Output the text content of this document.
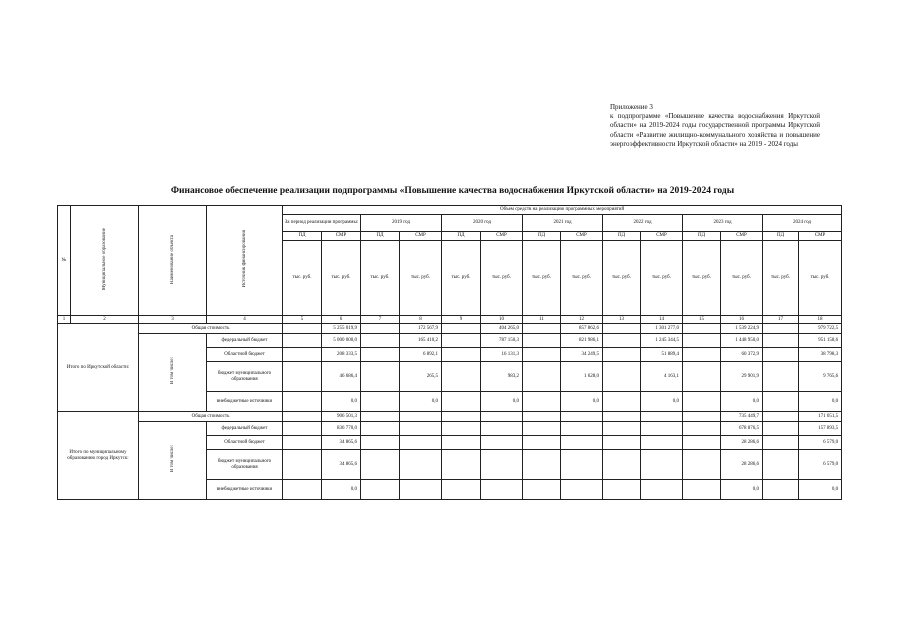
Приложение 3
к подпрограмме «Повышение качества водоснабжения Иркутской области» на 2019-2024 годы государственной программы Иркутской области «Развитие жилищно-коммунального хозяйства и повышение энергоэффективности Иркутской области» на 2019 - 2024 годы
Финансовое обеспечение реализации подпрограммы «Повышение качества водоснабжения Иркутской области» на 2019-2024 годы
№	Муниципальное образование	Наименование объекта	Источник финансирования	Объем средств на реализацию программных мероприятий													
				За период реализации программы:		2019 год		2020 год		2021 год		2022 год		2023 год		2024 год	
				ПД	СМР	ПД	СМР	ПД	СМР	ПД	СМР	ПД	СМР	ПД	СМР	ПД	СМР
				тыс. руб.	тыс. руб.	тыс. руб.	тыс. руб.	тыс. руб.	тыс. руб.	тыс. руб.	тыс. руб.	тыс. руб.	тыс. руб.	тыс. руб.	тыс. руб.	тыс. руб.	тыс. руб.
1	2	3	4	5	6	7	8	9	10	11	12	13	14	15	16	17	18
Итого по Иркутской области:		Общая стоимость			5 255 019,9		172 567,9		404 265,0		857 862,6		1 301 277,0		1 539 224,9		979 722,5
		В том числе:	федеральный бюджет		5 000 000,0		165 410,2		787 150,3		821 986,1		1 245 344,5		1 448 950,0		951 158,6
			Областной бюджет		208 333,5		6 892,1		16 131,3		34 249,5		51 889,4		60 372,9		38 798,3
			бюджет муниципального образования		46 686,4		265,5		983,2		1 628,0		4 163,1		29 901,9		9 765,6
			внебюджетные источники		0,0		0,0		0,0		0,0		0,0		0,0		0,0
Итого по муниципальному образованию город Иркутск:		Общая стоимость			906 501,3										735 449,7		171 051,5
		В том числе:	федеральный бюджет		836 770,0										678 876,5		157 893,5
			Областной бюджет		34 865,6										28 286,6		6 579,0
			бюджет муниципального образования		34 865,6										28 286,6		6 579,0
			внебюджетные источники		0,0										0,0		0,0
